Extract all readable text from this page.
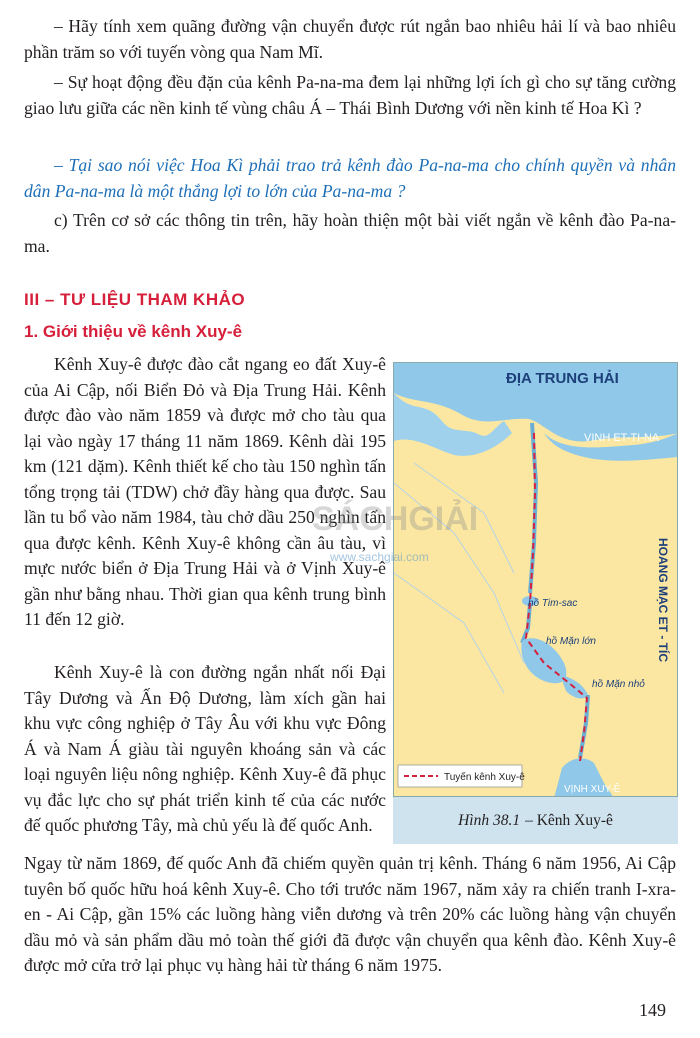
– Hãy tính xem quãng đường vận chuyển được rút ngắn bao nhiêu hải lí và bao nhiêu phần trăm so với tuyến vòng qua Nam Mĩ.

– Sự hoạt động đều đặn của kênh Pa-na-ma đem lại những lợi ích gì cho sự tăng cường giao lưu giữa các nền kinh tế vùng châu Á – Thái Bình Dương với nền kinh tế Hoa Kì ?

– Tại sao nói việc Hoa Kì phải trao trả kênh đào Pa-na-ma cho chính quyền và nhân dân Pa-na-ma là một thắng lợi to lớn của Pa-na-ma ?

c) Trên cơ sở các thông tin trên, hãy hoàn thiện một bài viết ngắn về kênh đào Pa-na-ma.

III – TƯ LIỆU THAM KHẢO
1. Giới thiệu về kênh Xuy-ê

Kênh Xuy-ê được đào cắt ngang eo đất Xuy-ê của Ai Cập, nối Biển Đỏ và Địa Trung Hải. Kênh được đào vào năm 1859 và được mở cho tàu qua lại vào ngày 17 tháng 11 năm 1869. Kênh dài 195 km (121 dặm). Kênh thiết kế cho tàu 150 nghìn tấn tổng trọng tải (TDW) chở đầy hàng qua được. Sau lần tu bổ vào năm 1984, tàu chở dầu 250 nghìn tấn qua được kênh. Kênh Xuy-ê không cần âu tàu, vì mực nước biển ở Địa Trung Hải và ở Vịnh Xuy-ê gần như bằng nhau. Thời gian qua kênh trung bình 11 đến 12 giờ.

Kênh Xuy-ê là con đường ngắn nhất nối Đại Tây Dương và Ấn Độ Dương, làm xích gần hai khu vực công nghiệp ở Tây Âu với khu vực Đông Á và Nam Á giàu tài nguyên khoáng sản và các loại nguyên liệu nông nghiệp. Kênh Xuy-ê đã phục vụ đắc lực cho sự phát triển kinh tế của các nước đế quốc phương Tây, mà chủ yếu là đế quốc Anh.

Ngay từ năm 1869, đế quốc Anh đã chiếm quyền quản trị kênh. Tháng 6 năm 1956, Ai Cập tuyên bố quốc hữu hoá kênh Xuy-ê. Cho tới trước năm 1967, năm xảy ra chiến tranh I-xra-en - Ai Cập, gần 15% các luồng hàng viễn dương và trên 20% các luồng hàng vận chuyển dầu mỏ và sản phẩm dầu mỏ toàn thế giới đã được vận chuyển qua kênh đào. Kênh Xuy-ê được mở cửa trở lại phục vụ hàng hải từ tháng 6 năm 1975.

ĐỊA TRUNG HẢI
VỊNH ET-TI-NA
HOANG MẠC ET - TÍC
hồ Tim-sac
hồ Mặn lớn
hồ Mặn nhỏ
VỊNH XUY-Ê
Tuyến kênh Xuy-ê
Hình 38.1 – Kênh Xuy-ê
SÁCHGIẢI
www.sachgiai.com

149
